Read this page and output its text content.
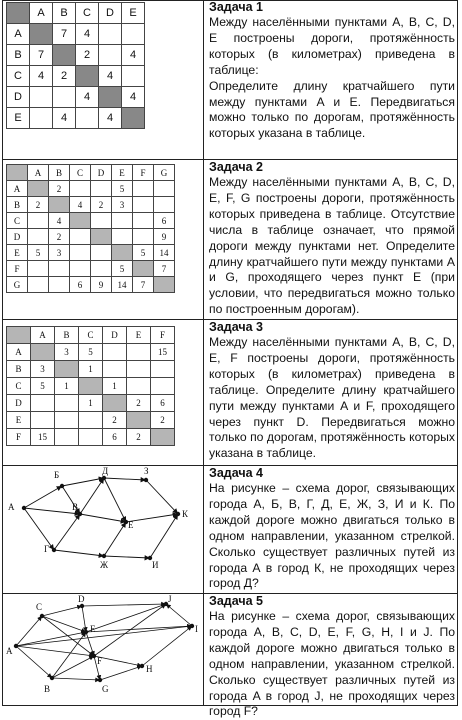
	A	B	C	D	E
A		7	4		
B	7		2		4
C	4	2		4	
D			4		4
E		4		4	

Задача 1

Между населёнными пунктами A, B, C, D, E построены дороги, протяжённость которых (в километрах) приведена в таблице:
Определите длину кратчайшего пути между пунктами A и E. Передвигаться можно только по дорогам, протяжённость которых указана в таблице.

	A	B	C	D	E	F	G
A		2			5		
B	2		4	2	3		
C		4					6
D		2					9
E	5	3				5	14
F					5		7
G			6	9	14	7	

Задача 2

Между населёнными пунктами A, B, C, D, E, F, G построены дороги, протяжённость которых приведена в таблице. Отсутствие числа в таблице означает, что прямой дороги между пунктами нет. Определите длину кратчайшего пути между пунктами A и G, проходящего через пункт E (при условии, что передвигаться можно только по построенным дорогам).

	A	B	C	D	E	F
A		3	5			15
B	3		1			
C	5	1		1		
D			1		2	6
E				2		2
F	15			6	2	

Задача 3

Между населёнными пунктами A, B, C, D, E, F построены дороги, протяжённость которых (в километрах) приведена в таблице. Определите длину кратчайшего пути между пунктами A и F, проходящего через пункт D. Передвигаться можно только по дорогам, протяжённость которых указана в таблице.

А
Б
В
Г
Д
Е
Ж
З
И
К

Задача 4

На рисунке – схема дорог, связывающих города А, Б, В, Г, Д, Е, Ж, З, И и К. По каждой дороге можно двигаться только в одном направлении, указанном стрелкой. Сколько существует различных путей из города А в город К, не проходящих через город Д?

A
B
C
D
E
F
G
H
I
J	Задача 5

На рисунке – схема дорог, связывающих города A, B, C, D, E, F, G, H, I и J. По каждой дороге можно двигаться только в одном направлении, указанном стрелкой. Сколько существует различных путей из города A в город J, не проходящих через город F?
